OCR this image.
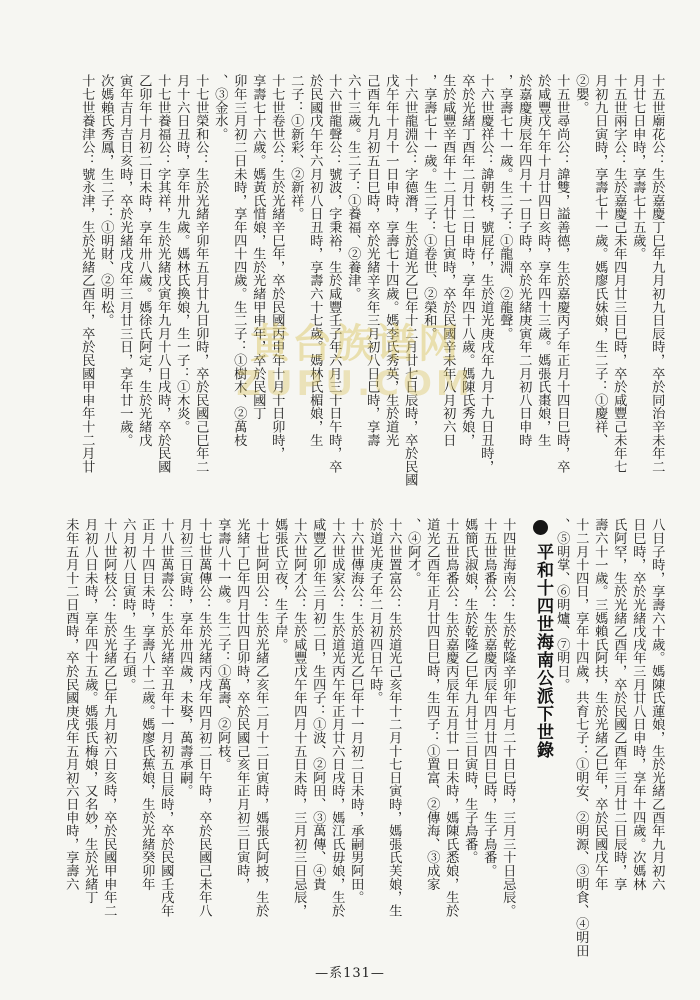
十五世廟花公：生於嘉慶丁巳年九月初九日辰時，卒於同治辛未年二
月廿七日申時，享壽七十五歲。
十五世兩字公：生於嘉慶己未年四月廿三日巳時，卒於咸豐己未年七
月初九日寅時，享壽七十一歲。媽廖氏妹娘，生二子：①慶祥、
②嬰。
十五世尋尚公：諱雙，謚善德，生於嘉慶丙子年正月十四日巳時，卒
於咸豐戊午年十月廿四日亥時，享年四十三歲。媽張氏棗娘，生
於嘉慶庚辰年四月十一日子時，卒於光緒庚寅年二月初八日申時
，享壽七十一歲。生二子：①龍淵、②龍聲。
十六世慶祥公：諱朝枝，號屁仔，生於道光庚戌年九月十九日丑時，
卒於光緒丁酉年二月廿二日申時，享年四十八歲。媽陳氏秀娘，
生於咸豐辛酉年十二月廿七日寅時，卒於民國辛未年八月初六日
，享壽七十一歲。生二子：①卷世、②榮和。
十六世龍淵公：字德潛，生於道光乙巳年十二月廿七日辰時，卒於民國
戊午年十月十一日申時，享壽七十四歲。媽李氏秀英，生於道光
己酉年九月初五日巳時，卒於光緒辛亥年三月初八日巳時，享壽
六十三歲。生二子：①養福、②養津。
十六世龍聲公：號波，字秉裕，生於咸豐壬子年六月三十日午時，卒
於民國戊午年六月初八日丑時，享壽六十七歲。媽林氏楣娘，生
二子：①新彩、②新祥。
十七世卷世公：生於光緒辛巳年，卒於民國丙申年十月十日卯時，
享壽七十六歲。媽黃氏惜娘，生於光緒甲申年，卒於民國丁
卯年三月初二日未時，享年四十四歲。生二子：①樹木、②萬枝
、③金水。
十七世榮和公：生於光緒辛卯年五月廿九日卯時，卒於民國己巳年二
月十六日丑時，享年卅九歲。媽林氏換娘，生一子：①木炎。
十七世養福公：字其祥，生於光緒戊寅年九月十八日戌時，卒於民國
乙卯年十月初二日未時，享年卅八歲。媽徐氏阿定，生於光緒戊
寅年吉月吉日亥時，卒於光緒戊戌年三月廿三日，享年廿一歲。
次媽賴氏秀鳳，生二子：①明財、②明松。
十七世養津公：號永津，生於光緒乙酉年，卒於民國甲申年十二月廿
八日子時，享壽六十歲。媽陳氏蓮娘，生於光緒乙酉年九月初六
日巳時，卒於光緒戊戌年三月廿八日申時，享年十四歲。次媽林
氏阿罕，生於光緒乙酉年，卒於民國乙酉年三月廿二日辰時，享
壽六十一歲。三媽賴氏阿扶，生於光緒乙巳年，卒於民國戊午年
十二月十四日，享年十四歲，共育七子：①明安、②明源、③明食、④明田
、⑤明掌、⑥明爐、⑦明日。
十四世海南公：生於乾隆辛卯年七月二十日巳時，三月三十日忌辰。
十五世鳥番公：生於嘉慶丙辰年四月廿四日巳時，生子鳥番。
媽簡氏淑娘，生於乾隆乙巳年九月廿三日寅時，生子鳥番。
十五世鳥番公：生於嘉慶丙辰年五月廿一日未時，媽陳氏悉娘，生於
道光乙酉年正月廿四日巳時，生四子：①置富、②傳海、③成家
、④阿才。
十六世置富公：生於道光己亥年十二月十七日寅時，媽張氏芙娘，生
於道光庚子年二月初四日午時。
十六世傳海公：生於道光乙巳年十一月初二日未時，承嗣男阿田。
十六世成家公：生於道光丙午年正月廿六日戌時，媽江氏毋娘，生於
咸豐乙卯年三月初二日，生四子：①波、②阿田、③萬傳、④貴
十六世阿才公：生於咸豐戊午年四月十五日未時，三月初三日忌辰，
媽張氏立夜，生子岸。
十七世阿田公：生於光緒乙亥年二月十二日寅時，媽張氏阿披，生於
光緒丁巳年四月廿四日卯時，卒於民國己亥年正月初三日寅時，
享壽八十一歲。生二子：①萬壽、②阿枝。
十七世萬傳公：生於光緒丙戌年四月初二日午時，卒於民國己未年八
月初三日寅時，享年卅四歲，未娶，萬壽承嗣。
十八世萬壽公：生於光緒辛丑年十一月初五日辰時，卒於民國壬戌年
正月十四日未時，享壽八十二歲。媽廖氏蕉娘，生於光緒癸卯年
六月初八日寅時，生子石頭。
十八世阿枝公：生於光緒乙巳年九月初六日亥時，卒於民國甲申年二
月初八日未時，享年四十五歲。媽張氏梅娘，又名妙，生於光緒丁
未年五月十二日酉時，卒於民國庚戌年五月初六日申時，享壽六	平和十四世海南公派下世錄
黄台族谱网
ZUPU.COM
—系131—
